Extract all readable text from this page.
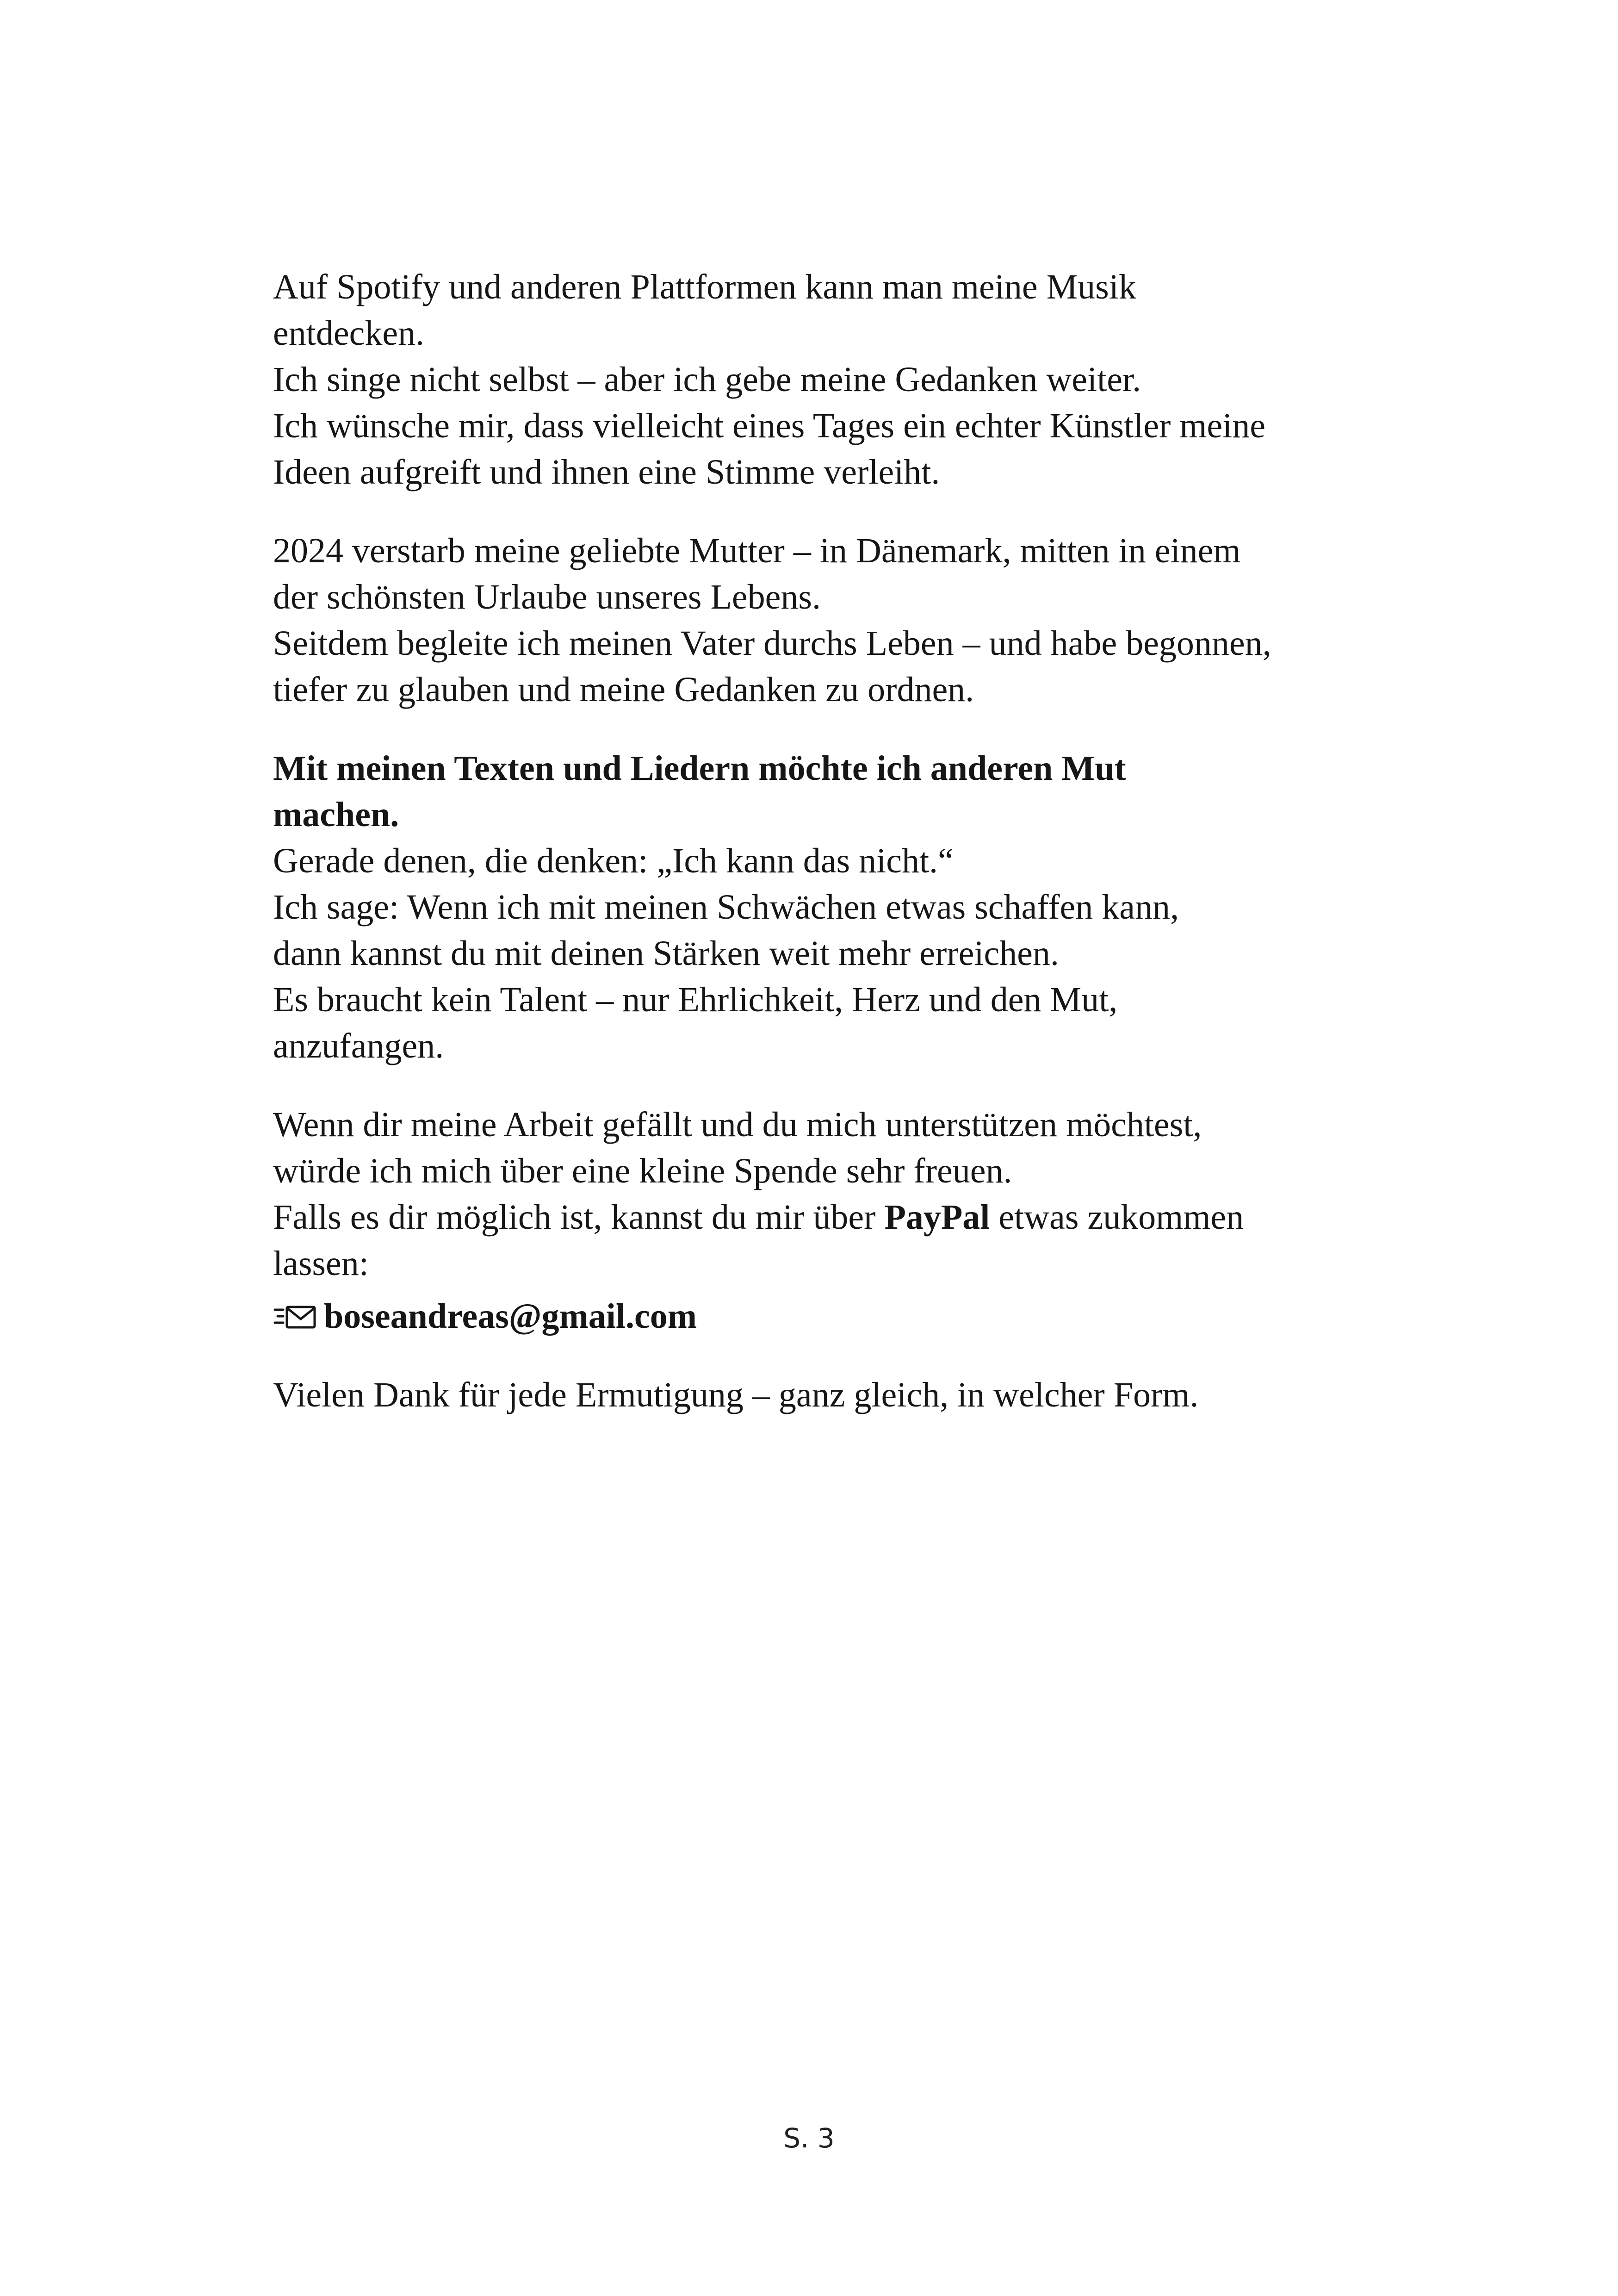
Auf Spotify und anderen Plattformen kann man meine Musik
entdecken.
Ich singe nicht selbst – aber ich gebe meine Gedanken weiter.
Ich wünsche mir, dass vielleicht eines Tages ein echter Künstler meine
Ideen aufgreift und ihnen eine Stimme verleiht.
2024 verstarb meine geliebte Mutter – in Dänemark, mitten in einem
der schönsten Urlaube unseres Lebens.
Seitdem begleite ich meinen Vater durchs Leben – und habe begonnen,
tiefer zu glauben und meine Gedanken zu ordnen.
Mit meinen Texten und Liedern möchte ich anderen Mut
machen.
Gerade denen, die denken: „Ich kann das nicht.“
Ich sage: Wenn ich mit meinen Schwächen etwas schaffen kann,
dann kannst du mit deinen Stärken weit mehr erreichen.
Es braucht kein Talent – nur Ehrlichkeit, Herz und den Mut,
anzufangen.
Wenn dir meine Arbeit gefällt und du mich unterstützen möchtest,
würde ich mich über eine kleine Spende sehr freuen.
Falls es dir möglich ist, kannst du mir über PayPal etwas zukommen
lassen:
boseandreas@gmail.com
Vielen Dank für jede Ermutigung – ganz gleich, in welcher Form.
S. 3
